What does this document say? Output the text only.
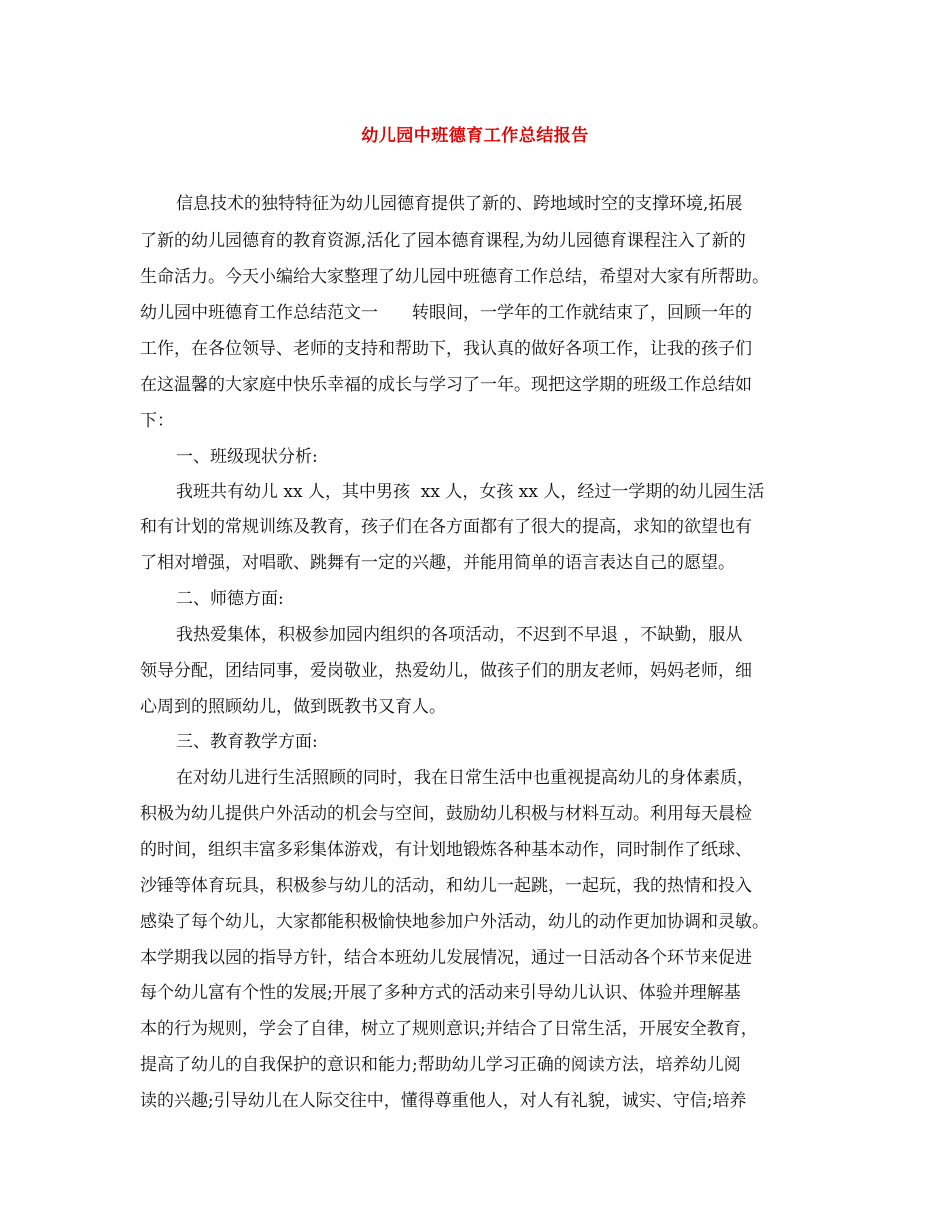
幼儿园中班德育工作总结报告
信息技术的独特特征为幼儿园德育提供了新的、跨地域时空的支撑环境,拓展
了新的幼儿园德育的教育资源,活化了园本德育课程,为幼儿园德育课程注入了新的
生命活力。今天小编给大家整理了幼儿园中班德育工作总结，希望对大家有所帮助。
幼儿园中班德育工作总结范文一　　转眼间，一学年的工作就结束了，回顾一年的
工作，在各位领导、老师的支持和帮助下，我认真的做好各项工作，让我的孩子们
在这温馨的大家庭中快乐幸福的成长与学习了一年。现把这学期的班级工作总结如
下：
一、班级现状分析:
我班共有幼儿 xx 人，其中男孩  xx 人，女孩 xx 人，经过一学期的幼儿园生活
和有计划的常规训练及教育，孩子们在各方面都有了很大的提高，求知的欲望也有
了相对增强，对唱歌、跳舞有一定的兴趣，并能用简单的语言表达自己的愿望。
二、师德方面:
我热爱集体，积极参加园内组织的各项活动，不迟到不早退 ，不缺勤，服从
领导分配，团结同事，爱岗敬业，热爱幼儿，做孩子们的朋友老师，妈妈老师，细
心周到的照顾幼儿，做到既教书又育人。
三、教育教学方面:
在对幼儿进行生活照顾的同时，我在日常生活中也重视提高幼儿的身体素质，
积极为幼儿提供户外活动的机会与空间，鼓励幼儿积极与材料互动。利用每天晨检
的时间，组织丰富多彩集体游戏，有计划地锻炼各种基本动作，同时制作了纸球、
沙锤等体育玩具，积极参与幼儿的活动，和幼儿一起跳，一起玩，我的热情和投入
感染了每个幼儿，大家都能积极愉快地参加户外活动，幼儿的动作更加协调和灵敏。
本学期我以园的指导方针，结合本班幼儿发展情况，通过一日活动各个环节来促进
每个幼儿富有个性的发展;开展了多种方式的活动来引导幼儿认识、体验并理解基
本的行为规则，学会了自律，树立了规则意识;并结合了日常生活，开展安全教育，
提高了幼儿的自我保护的意识和能力;帮助幼儿学习正确的阅读方法，培养幼儿阅
读的兴趣;引导幼儿在人际交往中，懂得尊重他人，对人有礼貌，诚实、守信;培养
